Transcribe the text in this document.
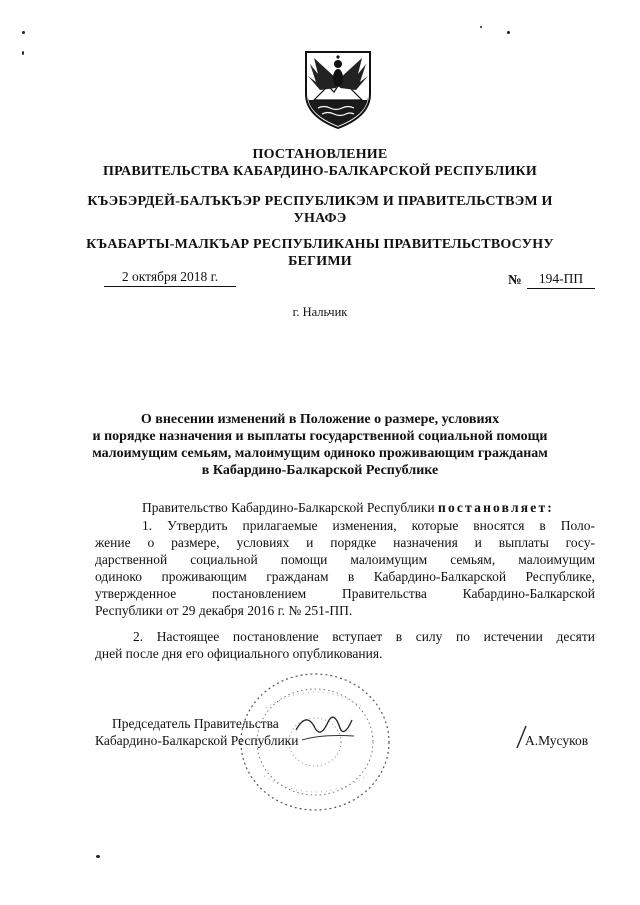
ПОСТАНОВЛЕНИЕ
ПРАВИТЕЛЬСТВА КАБАРДИНО-БАЛКАРСКОЙ РЕСПУБЛИКИ
КЪЭБЭРДЕЙ-БАЛЪКЪЭР РЕСПУБЛИКЭМ И ПРАВИТЕЛЬСТВЭМ И
УНАФЭ
КЪАБАРТЫ-МАЛКЪАР РЕСПУБЛИКАНЫ ПРАВИТЕЛЬСТВОСУНУ
БЕГИМИ
2 октября 2018 г.	№	194-ПП
г. Нальчик
О внесении изменений в Положение о размере, условиях
и порядке назначения и выплаты государственной социальной помощи
малоимущим семьям, малоимущим одиноко проживающим гражданам
в Кабардино-Балкарской Республике
Правительство Кабардино-Балкарской Республики постановляет:
1. Утвердить прилагаемые изменения, которые вносятся в Поло-
жение о размере, условиях и порядке назначения и выплаты госу-
дарственной социальной помощи малоимущим семьям, малоимущим
одиноко проживающим гражданам в Кабардино-Балкарской Республике,
утвержденное постановлением Правительства Кабардино-Балкарской
Республики от 29 декабря 2016 г. № 251-ПП.
2. Настоящее постановление вступает в силу по истечении десяти
дней после дня его официального опубликования.
Председатель Правительства
Кабардино-Балкарской Республики	А.Мусуков
